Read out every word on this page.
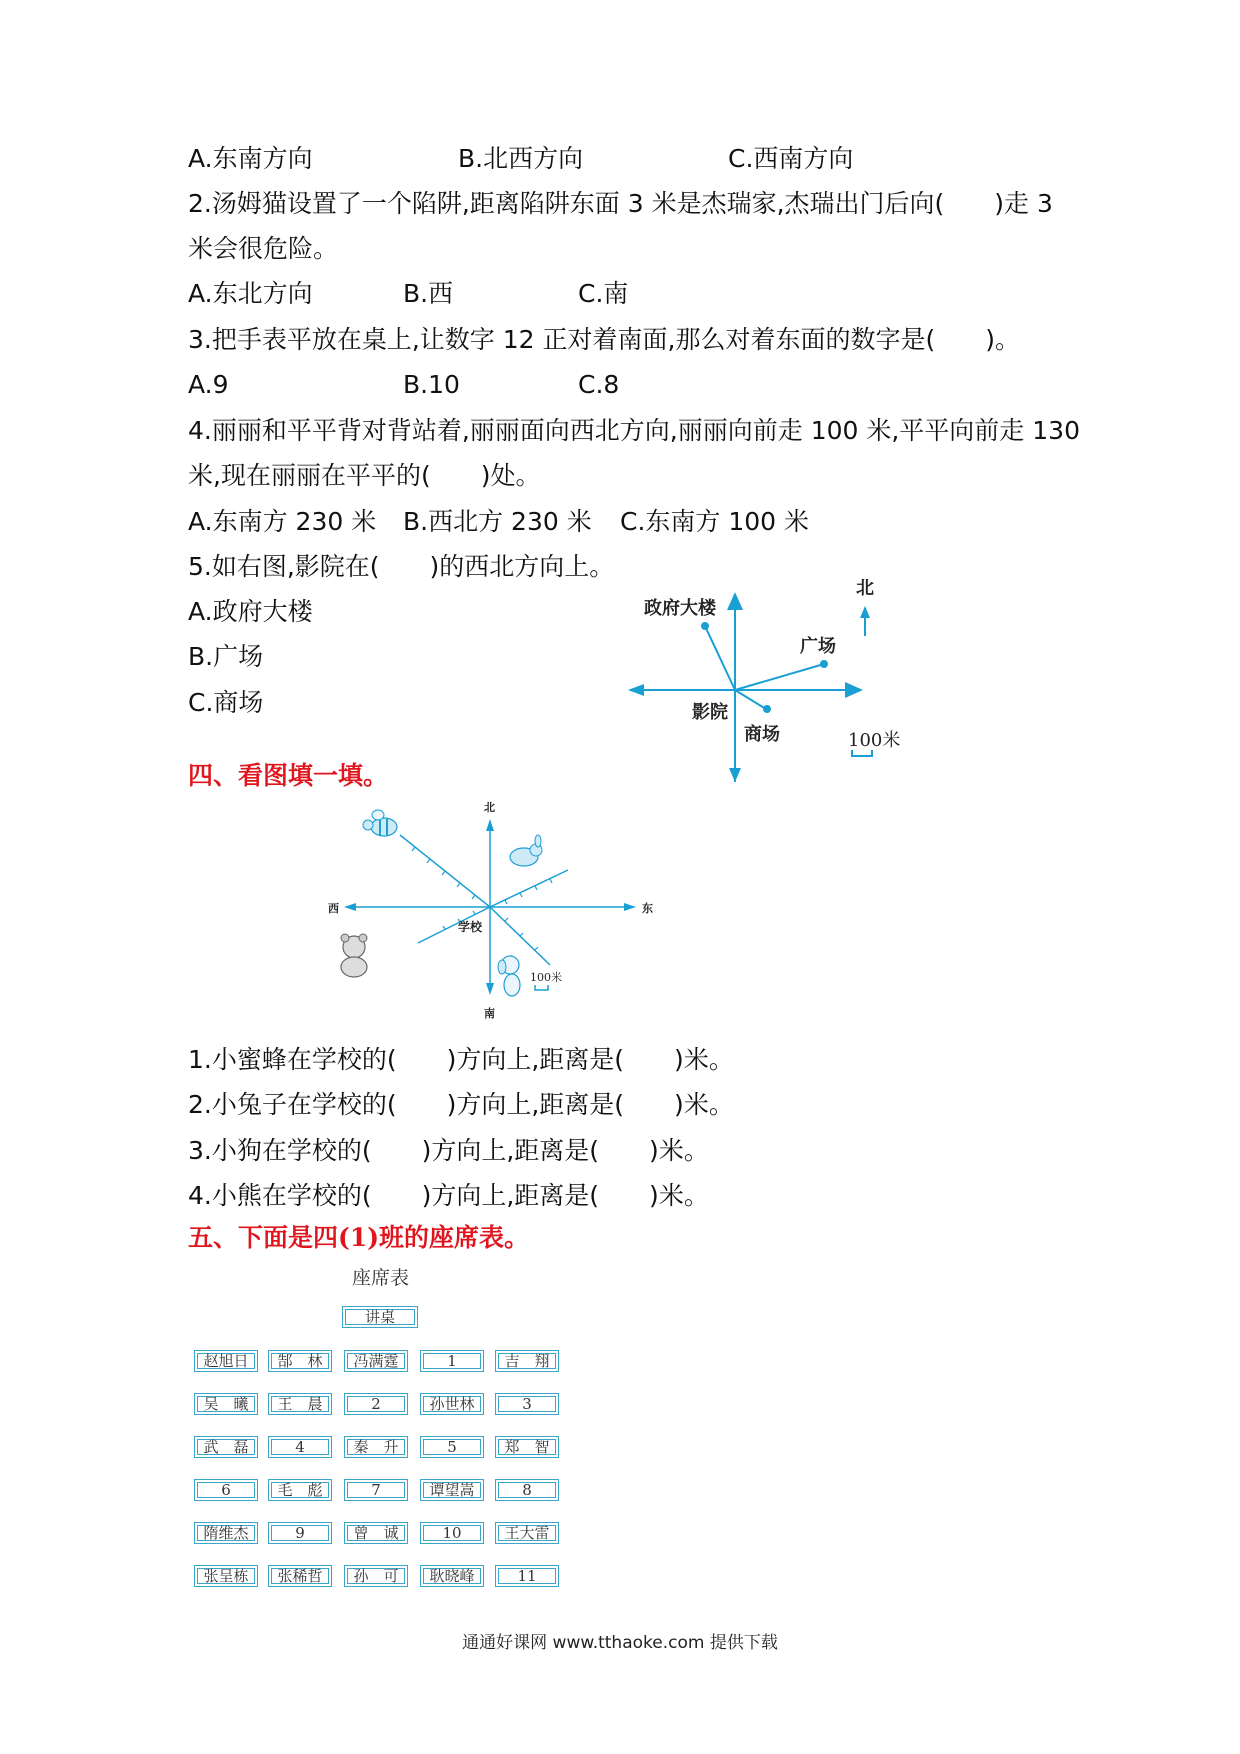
A.东南方向	B.北西方向	C.西南方向
2.汤姆猫设置了一个陷阱,距离陷阱东面 3 米是杰瑞家,杰瑞出门后向(　　)走 3
米会很危险。
A.东北方向	B.西	C.南
3.把手表平放在桌上,让数字 12 正对着南面,那么对着东面的数字是(　　)。
A.9	B.10	C.8
4.丽丽和平平背对背站着,丽丽面向西北方向,丽丽向前走 100 米,平平向前走 130
米,现在丽丽在平平的(　　)处。
A.东南方 230 米 B.西北方 230 米 C.东南方 100 米
5.如右图,影院在(　　)的西北方向上。
A.政府大楼
B.广场
C.商场
政府大楼
广场
影院
商场
北
100米
四、看图填一填。
北
南
西	东
学校
100米
1.小蜜蜂在学校的(　　)方向上,距离是(　　)米。
2.小兔子在学校的(　　)方向上,距离是(　　)米。
3.小狗在学校的(　　)方向上,距离是(　　)米。
4.小熊在学校的(　　)方向上,距离是(　　)米。
五、下面是四(1)班的座席表。
座席表
讲桌
赵旭日	郜　林	冯满霆	1	吉　翔
吴　曦	王　晨	2	孙世林	3
武　磊	4	秦　升	5	郑　智
6	毛　彪	7	谭望嵩	8
隋维杰	9	曾　诚	10	王大雷
张呈栋	张稀哲	孙　可	耿晓峰	11
通通好课网 www.tthaoke.com 提供下载
